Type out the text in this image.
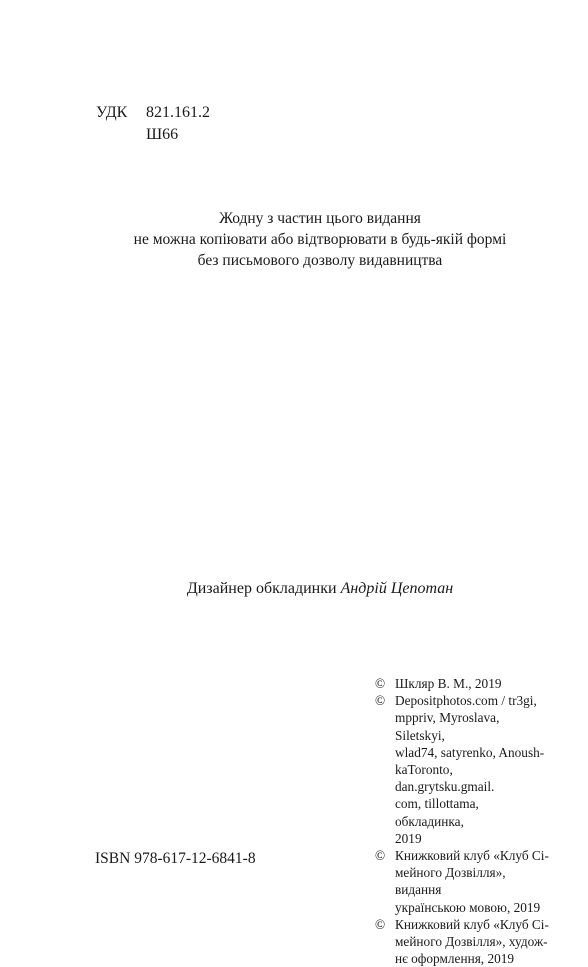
УДК	821.161.2
Ш66
Жодну з частин цього видання
не можна копіювати або відтворювати в будь-якій формі
без письмового дозволу видавництва
Дизайнер обкладинки Андрій Цепотан
© Шкляр В. М., 2019
© Depositphotos.com / tr3gi,
mppriv, Myroslava, Siletskyi,
wlad74, satyrenko, Anoush-
kaToronto, dan.grytsku.gmail.
com, tillottama, обкладинка,
2019
© Книжковий клуб «Клуб Сі-
мейного Дозвілля», видання
українською мовою, 2019
© Книжковий клуб «Клуб Сі-
мейного Дозвілля», худож-
нє оформлення, 2019
ISBN 978-617-12-6841-8
